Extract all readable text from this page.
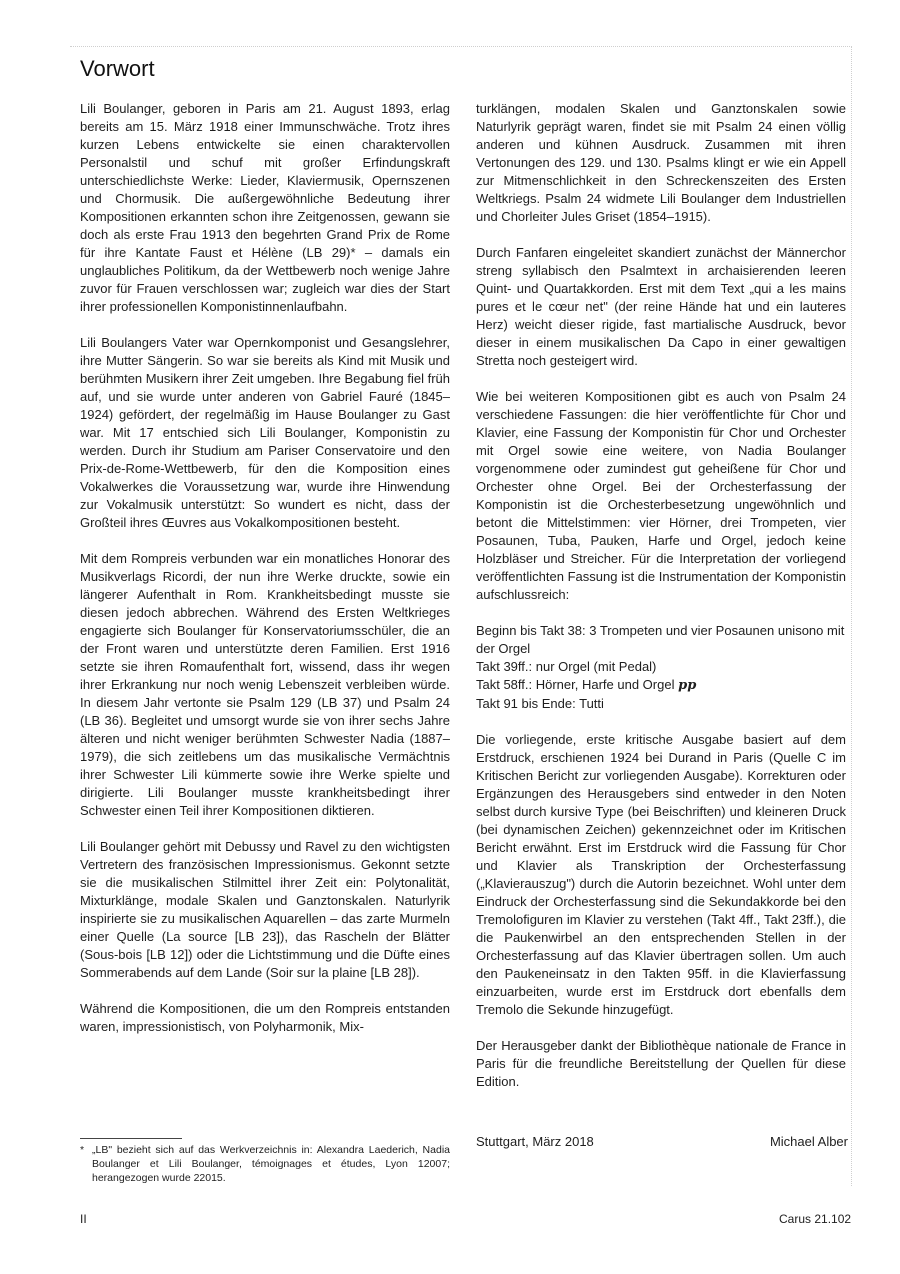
Vorwort

Lili Boulanger, geboren in Paris am 21. August 1893, erlag bereits am 15. März 1918 einer Immunschwäche. Trotz ihres kurzen Lebens entwickelte sie einen charaktervollen Personalstil und schuf mit großer Erfindungskraft unterschiedlichste Werke: Lieder, Klaviermusik, Opernszenen und Chormusik. Die außergewöhnliche Bedeutung ihrer Kompositionen erkannten schon ihre Zeitgenossen, gewann sie doch als erste Frau 1913 den begehrten Grand Prix de Rome für ihre Kantate Faust et Hélène (LB 29)* – damals ein unglaubliches Politikum, da der Wettbewerb noch wenige Jahre zuvor für Frauen verschlossen war; zugleich war dies der Start ihrer professionellen Komponistinnenlaufbahn.

Lili Boulangers Vater war Opernkomponist und Gesangslehrer, ihre Mutter Sängerin. So war sie bereits als Kind mit Musik und berühmten Musikern ihrer Zeit umgeben. Ihre Begabung fiel früh auf, und sie wurde unter anderen von Gabriel Fauré (1845–1924) gefördert, der regelmäßig im Hause Boulanger zu Gast war. Mit 17 entschied sich Lili Boulanger, Komponistin zu werden. Durch ihr Studium am Pariser Conservatoire und den Prix-de-Rome-Wettbewerb, für den die Komposition eines Vokalwerkes die Voraussetzung war, wurde ihre Hinwendung zur Vokalmusik unterstützt: So wundert es nicht, dass der Großteil ihres Œuvres aus Vokalkompositionen besteht.

Mit dem Rompreis verbunden war ein monatliches Honorar des Musikverlags Ricordi, der nun ihre Werke druckte, sowie ein längerer Aufenthalt in Rom. Krankheitsbedingt musste sie diesen jedoch abbrechen. Während des Ersten Weltkrieges engagierte sich Boulanger für Konservatoriumsschüler, die an der Front waren und unterstützte deren Familien. Erst 1916 setzte sie ihren Romaufenthalt fort, wissend, dass ihr wegen ihrer Erkrankung nur noch wenig Lebenszeit verbleiben würde. In diesem Jahr vertonte sie Psalm 129 (LB 37) und Psalm 24 (LB 36). Begleitet und umsorgt wurde sie von ihrer sechs Jahre älteren und nicht weniger berühmten Schwester Nadia (1887–1979), die sich zeitlebens um das musikalische Vermächtnis ihrer Schwester Lili kümmerte sowie ihre Werke spielte und dirigierte. Lili Boulanger musste krankheitsbedingt ihrer Schwester einen Teil ihrer Kompositionen diktieren.

Lili Boulanger gehört mit Debussy und Ravel zu den wichtigsten Vertretern des französischen Impressionismus. Gekonnt setzte sie die musikalischen Stilmittel ihrer Zeit ein: Polytonalität, Mixturklänge, modale Skalen und Ganztonskalen. Naturlyrik inspirierte sie zu musikalischen Aquarellen – das zarte Murmeln einer Quelle (La source [LB 23]), das Rascheln der Blätter (Sous-bois [LB 12]) oder die Lichtstimmung und die Düfte eines Sommerabends auf dem Lande (Soir sur la plaine [LB 28]).

Während die Kompositionen, die um den Rompreis entstanden waren, impressionistisch, von Polyharmonik, Mix-

turklängen, modalen Skalen und Ganztonskalen sowie Naturlyrik geprägt waren, findet sie mit Psalm 24 einen völlig anderen und kühnen Ausdruck. Zusammen mit ihren Vertonungen des 129. und 130. Psalms klingt er wie ein Appell zur Mitmenschlichkeit in den Schreckenszeiten des Ersten Weltkriegs. Psalm 24 widmete Lili Boulanger dem Industriellen und Chorleiter Jules Griset (1854–1915).

Durch Fanfaren eingeleitet skandiert zunächst der Männerchor streng syllabisch den Psalmtext in archaisierenden leeren Quint- und Quartakkorden. Erst mit dem Text „qui a les mains pures et le cœur net" (der reine Hände hat und ein lauteres Herz) weicht dieser rigide, fast martialische Ausdruck, bevor dieser in einem musikalischen Da Capo in einer gewaltigen Stretta noch gesteigert wird.

Wie bei weiteren Kompositionen gibt es auch von Psalm 24 verschiedene Fassungen: die hier veröffentlichte für Chor und Klavier, eine Fassung der Komponistin für Chor und Orchester mit Orgel sowie eine weitere, von Nadia Boulanger vorgenommene oder zumindest gut geheißene für Chor und Orchester ohne Orgel. Bei der Orchesterfassung der Komponistin ist die Orchesterbesetzung ungewöhnlich und betont die Mittelstimmen: vier Hörner, drei Trompeten, vier Posaunen, Tuba, Pauken, Harfe und Orgel, jedoch keine Holzbläser und Streicher. Für die Interpretation der vorliegend veröffentlichten Fassung ist die Instrumentation der Komponistin aufschlussreich:

Beginn bis Takt 38: 3 Trompeten und vier Posaunen unisono mit der Orgel

Takt 39ff.: nur Orgel (mit Pedal)

Takt 58ff.: Hörner, Harfe und Orgel pp

Takt 91 bis Ende: Tutti

Die vorliegende, erste kritische Ausgabe basiert auf dem Erstdruck, erschienen 1924 bei Durand in Paris (Quelle C im Kritischen Bericht zur vorliegenden Ausgabe). Korrekturen oder Ergänzungen des Herausgebers sind entweder in den Noten selbst durch kursive Type (bei Beischriften) und kleineren Druck (bei dynamischen Zeichen) gekennzeichnet oder im Kritischen Bericht erwähnt. Erst im Erstdruck wird die Fassung für Chor und Klavier als Transkription der Orchesterfassung („Klavierauszug") durch die Autorin bezeichnet. Wohl unter dem Eindruck der Orchesterfassung sind die Sekundakkorde bei den Tremolofiguren im Klavier zu verstehen (Takt 4ff., Takt 23ff.), die die Paukenwirbel an den entsprechenden Stellen in der Orchesterfassung auf das Klavier übertragen sollen. Um auch den Paukeneinsatz in den Takten 95ff. in die Klavierfassung einzuarbeiten, wurde erst im Erstdruck dort ebenfalls dem Tremolo die Sekunde hinzugefügt.

Der Herausgeber dankt der Bibliothèque nationale de France in Paris für die freundliche Bereitstellung der Quellen für diese Edition.

* „LB" bezieht sich auf das Werkverzeichnis in: Alexandra Laederich, Nadia Boulanger et Lili Boulanger, témoignages et études, Lyon 12007; herangezogen wurde 22015.
Stuttgart, März 2018	Michael Alber
II	Carus 21.102
